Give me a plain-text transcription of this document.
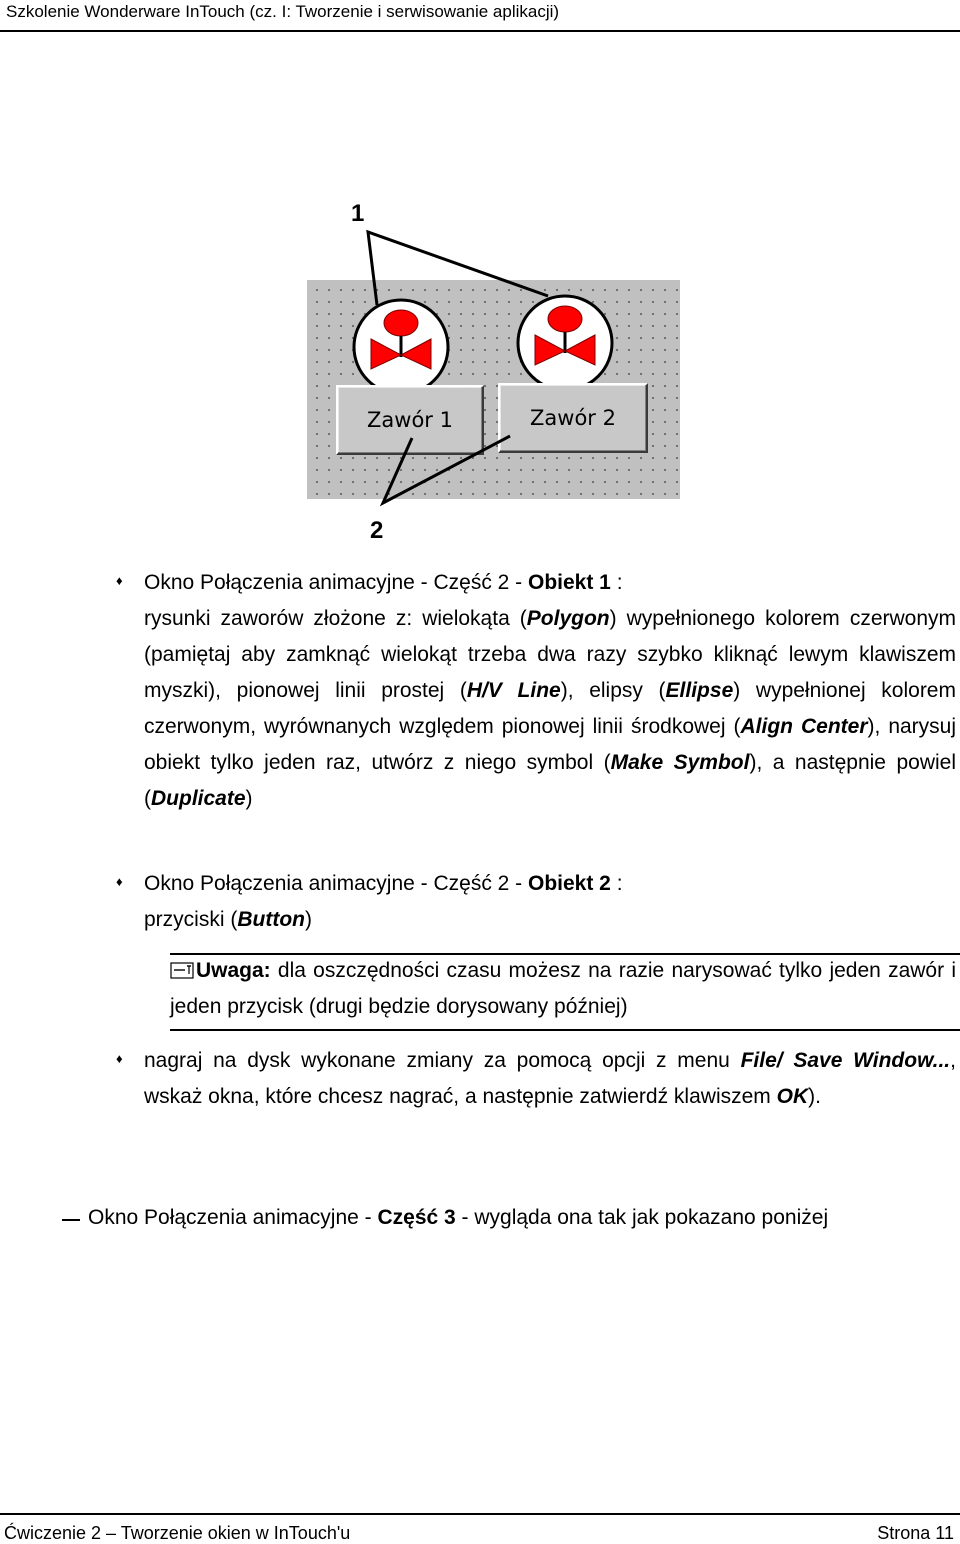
Szkolenie Wonderware InTouch (cz. I: Tworzenie i serwisowanie aplikacji)
1
2
Zawór 1	Zawór 2
♦ Okno Połączenia animacyjne - Część 2 - Obiekt 1 :
rysunki zaworów złożone z: wielokąta (Polygon) wypełnionego kolorem czerwonym (pamiętaj aby zamknąć wielokąt trzeba dwa razy szybko kliknąć lewym klawiszem myszki), pionowej linii prostej (H/V Line), elipsy (Ellipse) wypełnionej kolorem czerwonym, wyrównanych względem pionowej linii środkowej (Align Center), narysuj obiekt tylko jeden raz, utwórz z niego symbol (Make Symbol), a następnie powiel (Duplicate)
♦ Okno Połączenia animacyjne - Część 2 - Obiekt 2 :
przyciski (Button)
Uwaga: dla oszczędności czasu możesz na razie narysować tylko jeden zawór i jeden przycisk (drugi będzie dorysowany później)
♦ nagraj na dysk wykonane zmiany za pomocą opcji z menu File/ Save Window..., wskaż okna, które chcesz nagrać, a następnie zatwierdź klawiszem OK).
Okno Połączenia animacyjne - Część 3 - wygląda ona tak jak pokazano poniżej
Ćwiczenie 2 – Tworzenie okien w InTouch'u	Strona 11
